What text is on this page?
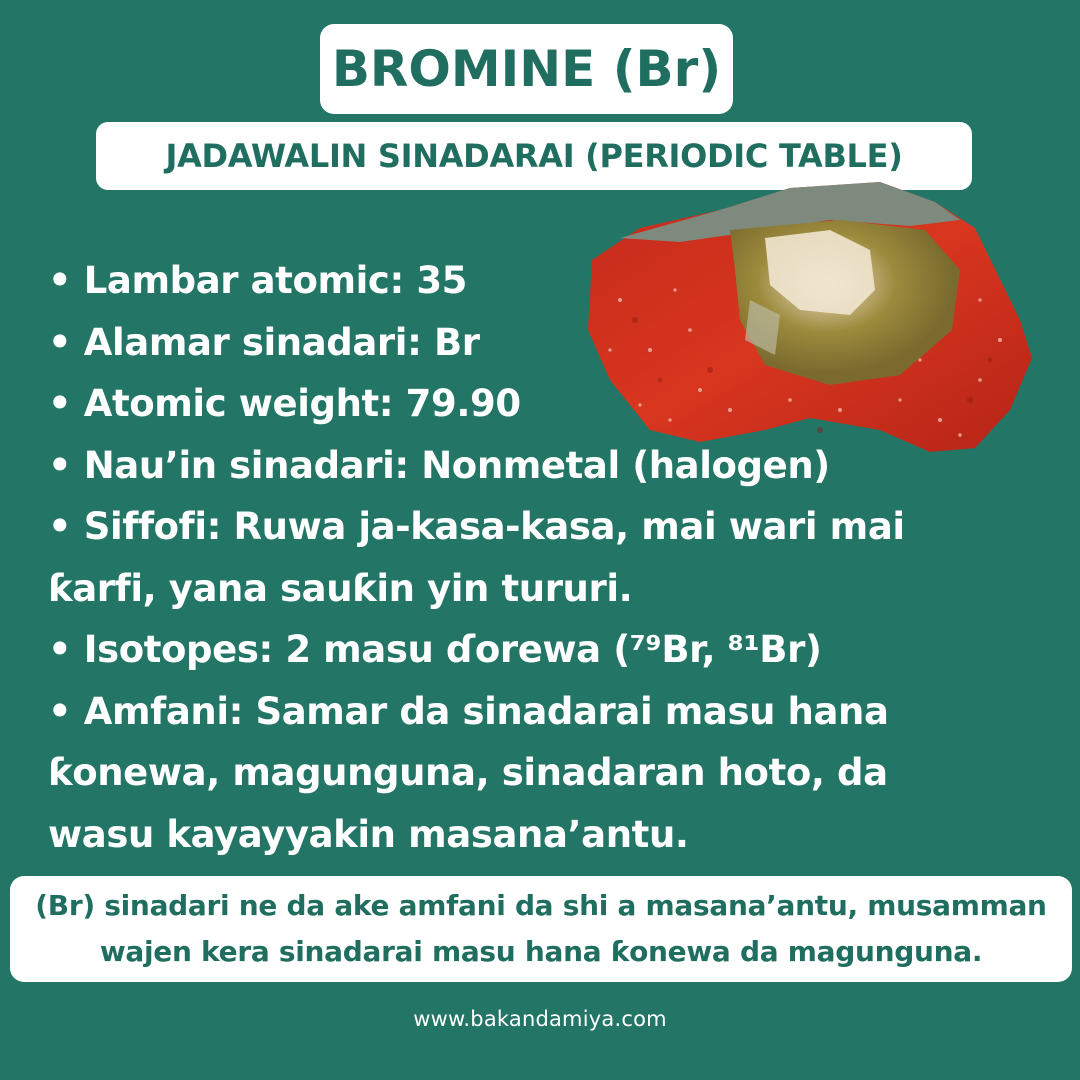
BROMINE (Br)
JADAWALIN SINADARAI (PERIODIC TABLE)
• Lambar atomic: 35
• Alamar sinadari: Br
• Atomic weight: 79.90
• Nau’in sinadari: Nonmetal (halogen)
• Siffofi: Ruwa ja-kasa-kasa, mai wari mai
ƙarfi, yana sauƙin yin tururi.
• Isotopes: 2 masu ɗorewa (⁷⁹Br, ⁸¹Br)
• Amfani: Samar da sinadarai masu hana
ƙonewa, magunguna, sinadaran hoto, da
wasu kayayyakin masana’antu.
(Br) sinadari ne da ake amfani da shi a masana’antu, musamman
wajen kera sinadarai masu hana ƙonewa da magunguna.
www.bakandamiya.com
